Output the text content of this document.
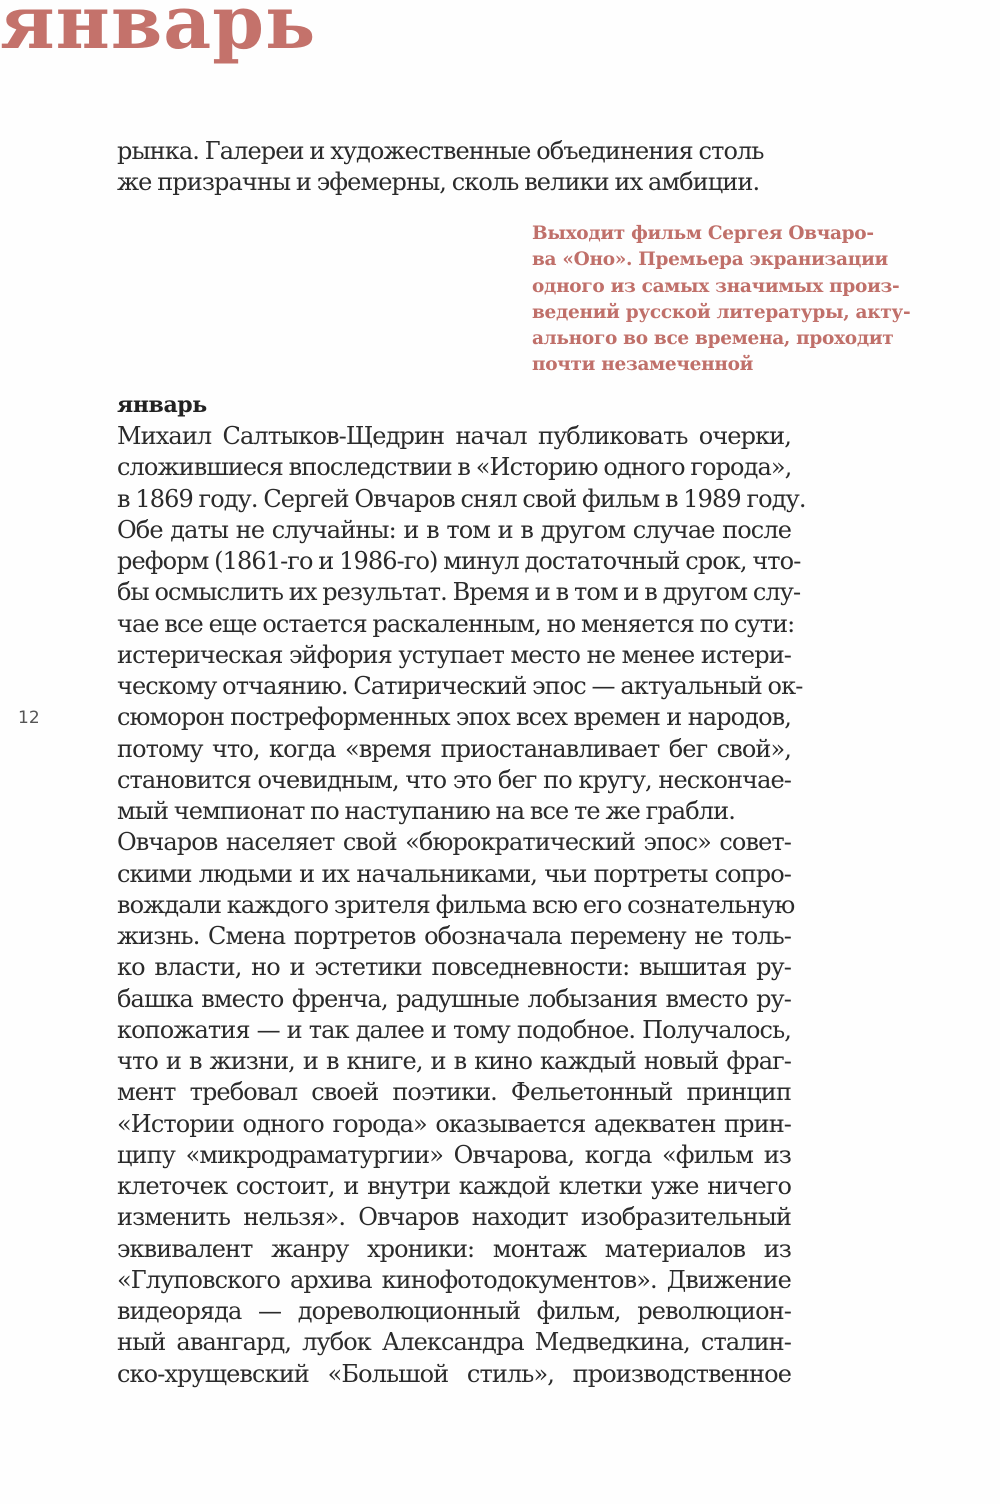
январь
рынка. Галереи и художественные объединения столь
же призрачны и эфемерны, сколь велики их амбиции.
Выходит фильм Сергея Овчаро-
ва «Оно». Премьера экранизации
одного из самых значимых произ-
ведений русской литературы, акту-
ального во все времена, проходит
почти незамеченной
январь
Михаил Салтыков-Щедрин начал публиковать очерки,
сложившиеся впоследствии в «Историю одного города»,
в 1869 году. Сергей Овчаров снял свой фильм в 1989 году.
Обе даты не случайны: и в том и в другом случае после
реформ (1861-го и 1986-го) минул достаточный срок, что-
бы осмыслить их результат. Время и в том и в другом слу-
чае все еще остается раскаленным, но меняется по сути:
истерическая эйфория уступает место не менее истери-
ческому отчаянию. Сатирический эпос — актуальный ок-
сюморон постреформенных эпох всех времен и народов,
потому что, когда «время приостанавливает бег свой»,
становится очевидным, что это бег по кругу, нескончае-
мый чемпионат по наступанию на все те же грабли.
Овчаров населяет свой «бюрократический эпос» совет-
скими людьми и их начальниками, чьи портреты сопро-
вождали каждого зрителя фильма всю его сознательную
жизнь. Смена портретов обозначала перемену не толь-
ко власти, но и эстетики повседневности: вышитая ру-
башка вместо френча, радушные лобызания вместо ру-
копожатия — и так далее и тому подобное. Получалось,
что и в жизни, и в книге, и в кино каждый новый фраг-
мент требовал своей поэтики. Фельетонный принцип
«Истории одного города» оказывается адекватен прин-
ципу «микродраматургии» Овчарова, когда «фильм из
клеточек состоит, и внутри каждой клетки уже ничего
изменить нельзя». Овчаров находит изобразительный
эквивалент жанру хроники: монтаж материалов из
«Глуповского архива кинофотодокументов». Движение
видеоряда — дореволюционный фильм, революцион-
ный авангард, лубок Александра Медведкина, сталин-
ско-хрущевский «Большой стиль», производственное
12
